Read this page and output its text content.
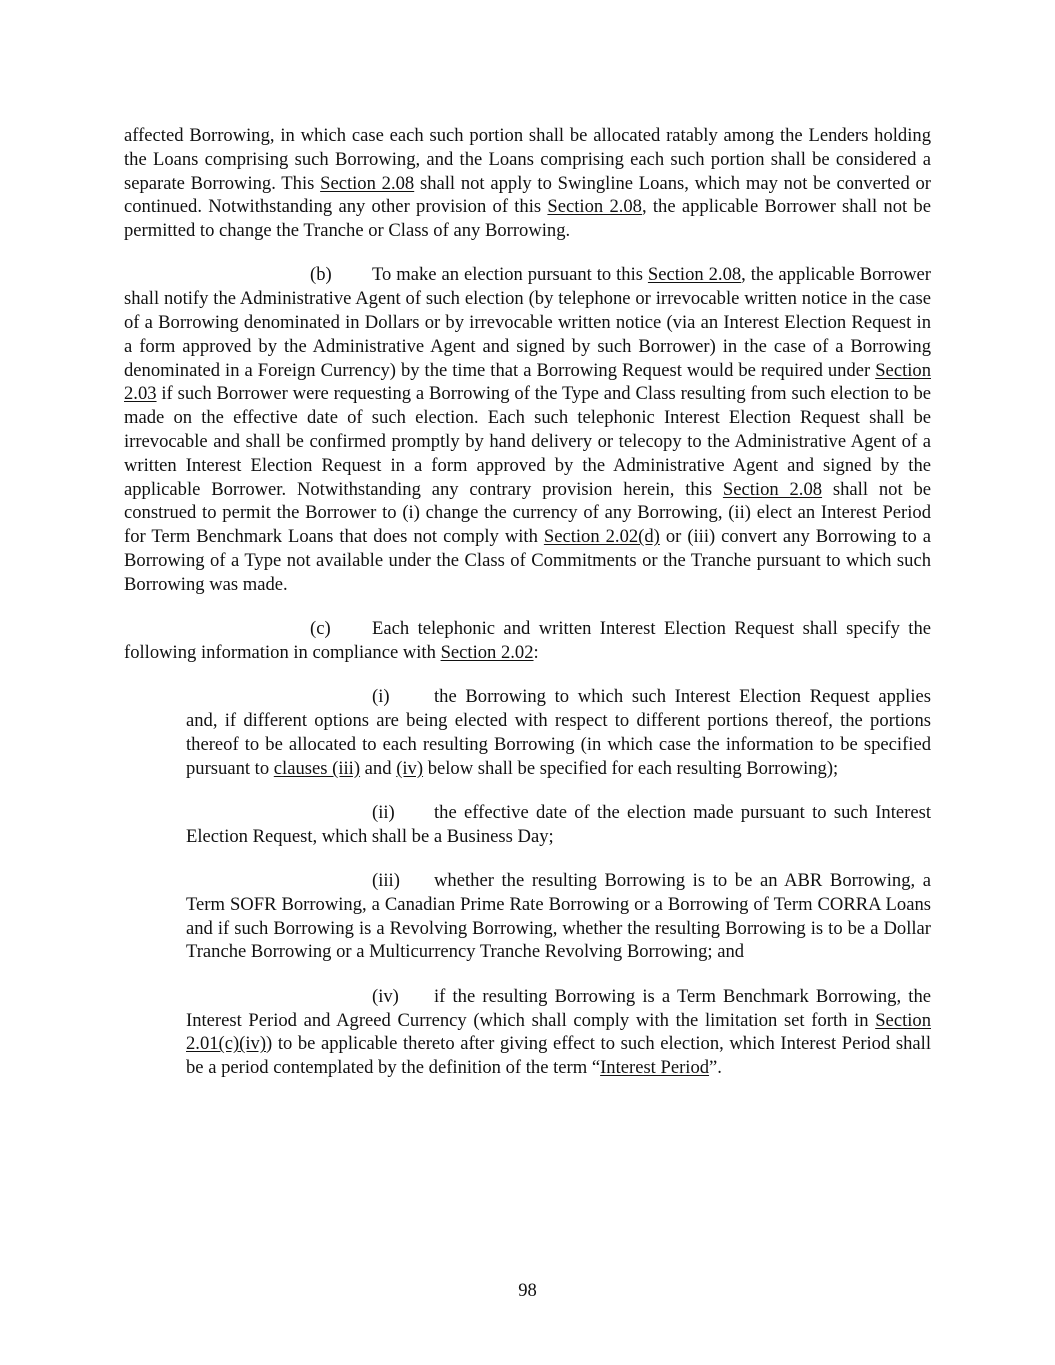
affected Borrowing, in which case each such portion shall be allocated ratably among the Lenders holding the Loans comprising such Borrowing, and the Loans comprising each such portion shall be considered a separate Borrowing. This Section 2.08 shall not apply to Swingline Loans, which may not be converted or continued. Notwithstanding any other provision of this Section 2.08, the applicable Borrower shall not be permitted to change the Tranche or Class of any Borrowing.

(b) To make an election pursuant to this Section 2.08, the applicable Borrower shall notify the Administrative Agent of such election (by telephone or irrevocable written notice in the case of a Borrowing denominated in Dollars or by irrevocable written notice (via an Interest Election Request in a form approved by the Administrative Agent and signed by such Borrower) in the case of a Borrowing denominated in a Foreign Currency) by the time that a Borrowing Request would be required under Section 2.03 if such Borrower were requesting a Borrowing of the Type and Class resulting from such election to be made on the effective date of such election. Each such telephonic Interest Election Request shall be irrevocable and shall be confirmed promptly by hand delivery or telecopy to the Administrative Agent of a written Interest Election Request in a form approved by the Administrative Agent and signed by the applicable Borrower. Notwithstanding any contrary provision herein, this Section 2.08 shall not be construed to permit the Borrower to (i) change the currency of any Borrowing, (ii) elect an Interest Period for Term Benchmark Loans that does not comply with Section 2.02(d) or (iii) convert any Borrowing to a Borrowing of a Type not available under the Class of Commitments or the Tranche pursuant to which such Borrowing was made.

(c) Each telephonic and written Interest Election Request shall specify the following information in compliance with Section 2.02:

(i) the Borrowing to which such Interest Election Request applies and, if different options are being elected with respect to different portions thereof, the portions thereof to be allocated to each resulting Borrowing (in which case the information to be specified pursuant to clauses (iii) and (iv) below shall be specified for each resulting Borrowing);

(ii) the effective date of the election made pursuant to such Interest Election Request, which shall be a Business Day;

(iii) whether the resulting Borrowing is to be an ABR Borrowing, a Term SOFR Borrowing, a Canadian Prime Rate Borrowing or a Borrowing of Term CORRA Loans and if such Borrowing is a Revolving Borrowing, whether the resulting Borrowing is to be a Dollar Tranche Borrowing or a Multicurrency Tranche Revolving Borrowing; and

(iv) if the resulting Borrowing is a Term Benchmark Borrowing, the Interest Period and Agreed Currency (which shall comply with the limitation set forth in Section 2.01(c)(iv)) to be applicable thereto after giving effect to such election, which Interest Period shall be a period contemplated by the definition of the term “Interest Period”.

98
